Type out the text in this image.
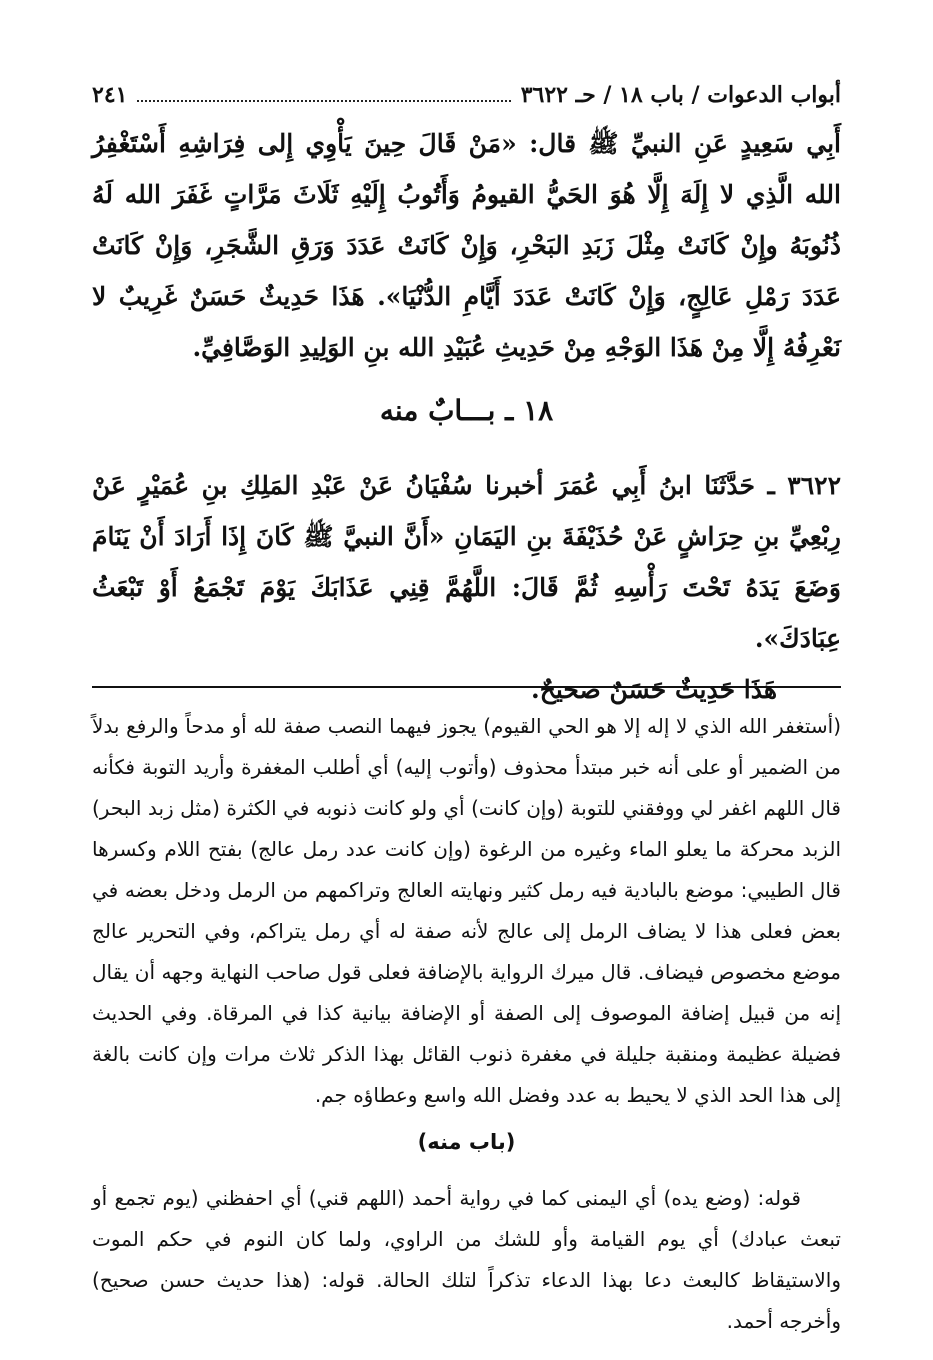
أبواب الدعوات / باب ١٨ / حـ ٣٦٢٢
٢٤١

أَبِي سَعِيدٍ عَنِ النبيِّ ﷺ قال: «مَنْ قَالَ حِينَ يَأْوِي إِلى فِرَاشِهِ أَسْتَغْفِرُ الله الَّذِي لا إِلَهَ إِلَّا هُوَ الحَيُّ القيومُ وَأَتُوبُ إِلَيْهِ ثَلَاثَ مَرَّاتٍ غَفَرَ الله لَهُ ذُنُوبَهُ وإِنْ كَانَتْ مِثْلَ زَبَدِ البَحْرِ، وَإِنْ كَانَتْ عَدَدَ وَرَقِ الشَّجَرِ، وَإِنْ كَانَتْ عَدَدَ رَمْلِ عَالِجٍ، وَإِنْ كَانَتْ عَدَدَ أَيَّامِ الدُّنْيَا». هَذَا حَدِيثٌ حَسَنٌ غَرِيبٌ لا نَعْرِفُهُ إِلَّا مِنْ هَذَا الوَجْهِ مِنْ حَدِيثِ عُبَيْدِ الله بنِ الوَلِيدِ الوَصَّافِيِّ.

١٨ ـ بـــابٌ منه

٣٦٢٢ ـ حَدَّثَنَا ابنُ أَبِي عُمَرَ أخبرنا سُفْيَانُ عَنْ عَبْدِ المَلِكِ بنِ عُمَيْرٍ عَنْ رِبْعِيِّ بنِ حِرَاشٍ عَنْ حُذَيْفَةَ بنِ اليَمَانِ «أَنَّ النبيَّ ﷺ كَانَ إِذَا أَرَادَ أَنْ يَنَامَ وَضَعَ يَدَهُ تَحْتَ رَأْسِهِ ثُمَّ قَالَ: اللَّهُمَّ قِنِي عَذَابَكَ يَوْمَ تَجْمَعُ أَوْ تَبْعَثُ عِبَادَكَ».

هَذَا حَدِيثٌ حَسَنٌ صحيحٌ.

(أستغفر الله الذي لا إله إلا هو الحي القيوم) يجوز فيهما النصب صفة لله أو مدحاً والرفع بدلاً من الضمير أو على أنه خبر مبتدأ محذوف (وأتوب إليه) أي أطلب المغفرة وأريد التوبة فكأنه قال اللهم اغفر لي ووفقني للتوبة (وإن كانت) أي ولو كانت ذنوبه في الكثرة (مثل زبد البحر) الزبد محركة ما يعلو الماء وغيره من الرغوة (وإن كانت عدد رمل عالج) بفتح اللام وكسرها قال الطيبي: موضع بالبادية فيه رمل كثير ونهايته العالج وتراكمهم من الرمل ودخل بعضه في بعض فعلى هذا لا يضاف الرمل إلى عالج لأنه صفة له أي رمل يتراكم، وفي التحرير عالج موضع مخصوص فيضاف. قال ميرك الرواية بالإضافة فعلى قول صاحب النهاية وجهه أن يقال إنه من قبيل إضافة الموصوف إلى الصفة أو الإضافة بيانية كذا في المرقاة. وفي الحديث فضيلة عظيمة ومنقبة جليلة في مغفرة ذنوب القائل بهذا الذكر ثلاث مرات وإن كانت بالغة إلى هذا الحد الذي لا يحيط به عدد وفضل الله واسع وعطاؤه جم.

(باب منه)

قوله: (وضع يده) أي اليمنى كما في رواية أحمد (اللهم قني) أي احفظني (يوم تجمع أو تبعث عبادك) أي يوم القيامة وأو للشك من الراوي، ولما كان النوم في حكم الموت والاستيقاظ كالبعث دعا بهذا الدعاء تذكراً لتلك الحالة. قوله: (هذا حديث حسن صحيح) وأخرجه أحمد.
